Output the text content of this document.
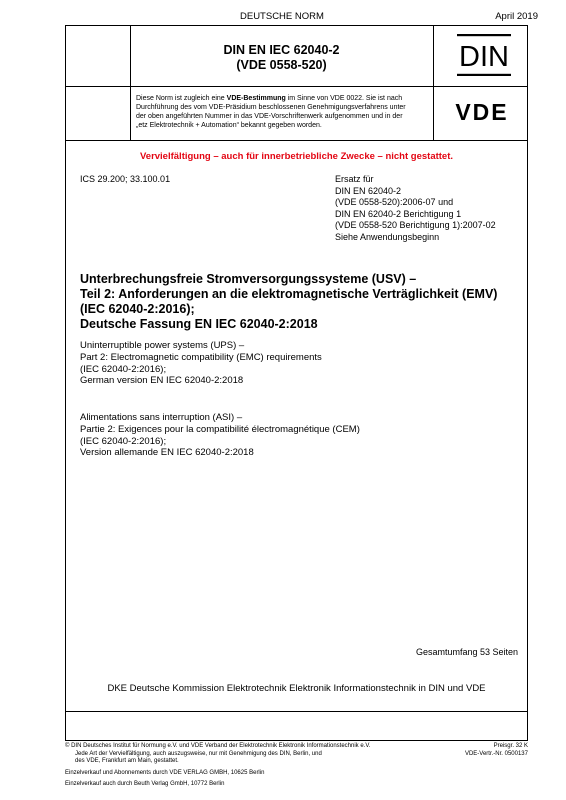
DEUTSCHE NORM	April 2019
DIN EN IEC 62040-2
(VDE 0558-520)	DIN
VDE
Diese Norm ist zugleich eine VDE-Bestimmung im Sinne von VDE 0022. Sie ist nach
Durchführung des vom VDE-Präsidium beschlossenen Genehmigungsverfahrens unter
der oben angeführten Nummer in das VDE-Vorschriftenwerk aufgenommen und in der
„etz Elektrotechnik + Automation“ bekannt gegeben worden.
Vervielfältigung – auch für innerbetriebliche Zwecke – nicht gestattet.
ICS 29.200; 33.100.01	Ersatz für
DIN EN 62040-2
(VDE 0558-520):2006-07 und
DIN EN 62040-2 Berichtigung 1
(VDE 0558-520 Berichtigung 1):2007-02
Siehe Anwendungsbeginn
Unterbrechungsfreie Stromversorgungssysteme (USV) –
Teil 2: Anforderungen an die elektromagnetische Verträglichkeit (EMV)
(IEC 62040-2:2016);
Deutsche Fassung EN IEC 62040-2:2018
Uninterruptible power systems (UPS) –
Part 2: Electromagnetic compatibility (EMC) requirements
(IEC 62040-2:2016);
German version EN IEC 62040-2:2018
Alimentations sans interruption (ASI) –
Partie 2: Exigences pour la compatibilité électromagnétique (CEM)
(IEC 62040-2:2016);
Version allemande EN IEC 62040-2:2018
Gesamtumfang 53 Seiten
DKE Deutsche Kommission Elektrotechnik Elektronik Informationstechnik in DIN und VDE
© DIN Deutsches Institut für Normung e.V. und VDE Verband der Elektrotechnik Elektronik Informationstechnik e.V.
Jede Art der Vervielfältigung, auch auszugsweise, nur mit Genehmigung des DIN, Berlin, und
des VDE, Frankfurt am Main, gestattet.
Preisgr. 32 K
VDE-Vertr.-Nr. 0500137
Einzelverkauf und Abonnements durch VDE VERLAG GMBH, 10625 Berlin
Einzelverkauf auch durch Beuth Verlag GmbH, 10772 Berlin
